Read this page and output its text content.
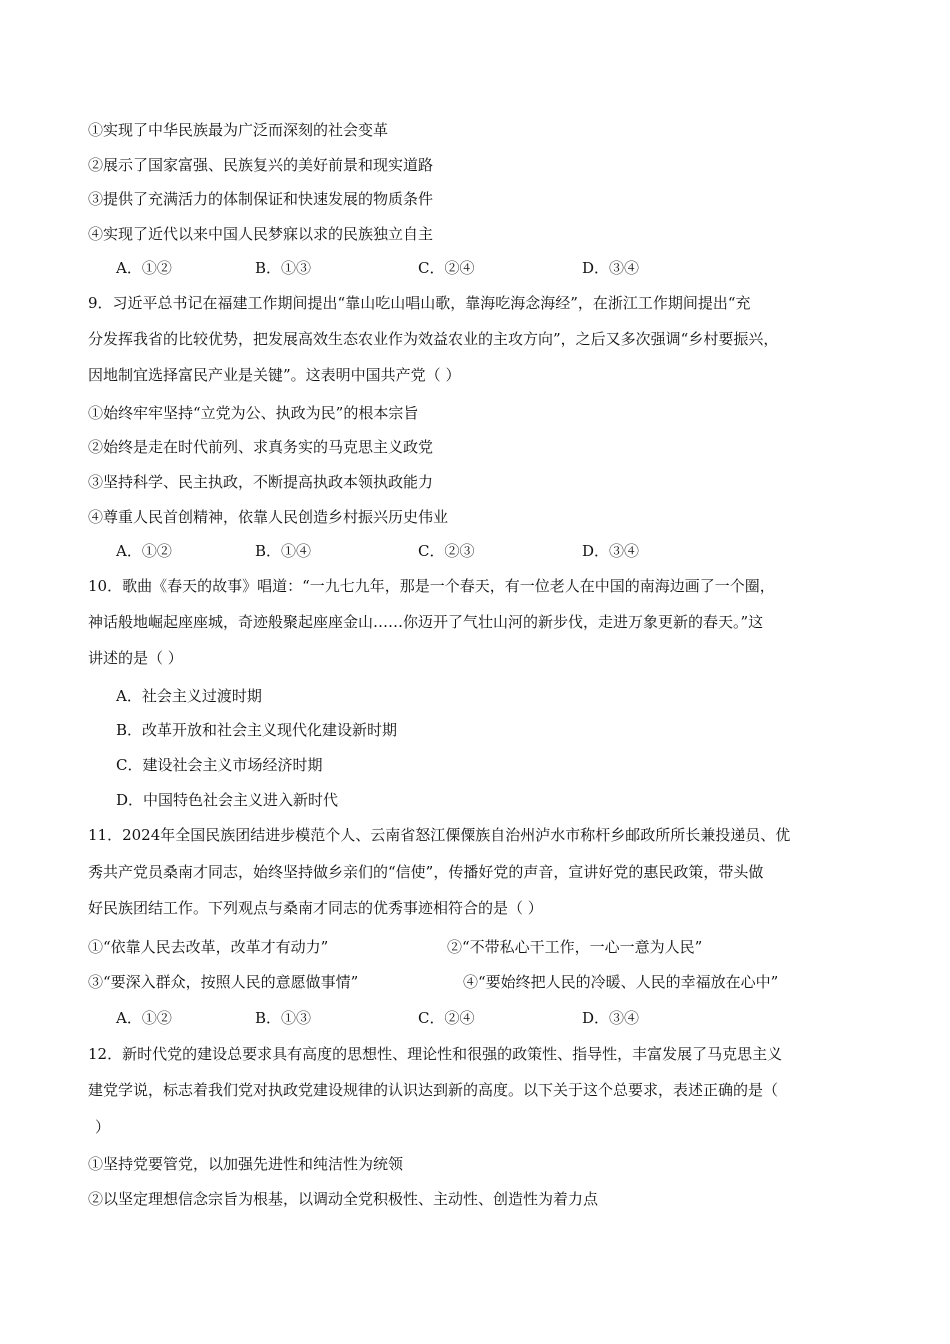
①实现了中华民族最为广泛而深刻的社会变革
②展示了国家富强、民族复兴的美好前景和现实道路
③提供了充满活力的体制保证和快速发展的物质条件
④实现了近代以来中国人民梦寐以求的民族独立自主
A．①②	B．①③	C．②④	D．③④
9．习近平总书记在福建工作期间提出“靠山吃山唱山歌，靠海吃海念海经”，在浙江工作期间提出“充
分发挥我省的比较优势，把发展高效生态农业作为效益农业的主攻方向”，之后又多次强调“乡村要振兴，
因地制宜选择富民产业是关键”。这表明中国共产党（ ）
①始终牢牢坚持“立党为公、执政为民”的根本宗旨
②始终是走在时代前列、求真务实的马克思主义政党
③坚持科学、民主执政，不断提高执政本领执政能力
④尊重人民首创精神，依靠人民创造乡村振兴历史伟业
A．①②	B．①④	C．②③	D．③④
10．歌曲《春天的故事》唱道：“一九七九年，那是一个春天，有一位老人在中国的南海边画了一个圈，
神话般地崛起座座城，奇迹般聚起座座金山……你迈开了气壮山河的新步伐，走进万象更新的春天。”这
讲述的是（ ）
A．社会主义过渡时期
B．改革开放和社会主义现代化建设新时期
C．建设社会主义市场经济时期
D．中国特色社会主义进入新时代
11．2024年全国民族团结进步模范个人、云南省怒江傈僳族自治州泸水市称杆乡邮政所所长兼投递员、优
秀共产党员桑南才同志，始终坚持做乡亲们的“信使”，传播好党的声音，宣讲好党的惠民政策，带头做
好民族团结工作。下列观点与桑南才同志的优秀事迹相符合的是（ ）
①“依靠人民去改革，改革才有动力”	②“不带私心干工作，一心一意为人民”
③“要深入群众，按照人民的意愿做事情”	④“要始终把人民的冷暖、人民的幸福放在心中”
A．①②	B．①③	C．②④	D．③④
12．新时代党的建设总要求具有高度的思想性、理论性和很强的政策性、指导性，丰富发展了马克思主义
建党学说，标志着我们党对执政党建设规律的认识达到新的高度。以下关于这个总要求，表述正确的是（
）
①坚持党要管党，以加强先进性和纯洁性为统领
②以坚定理想信念宗旨为根基，以调动全党积极性、主动性、创造性为着力点
